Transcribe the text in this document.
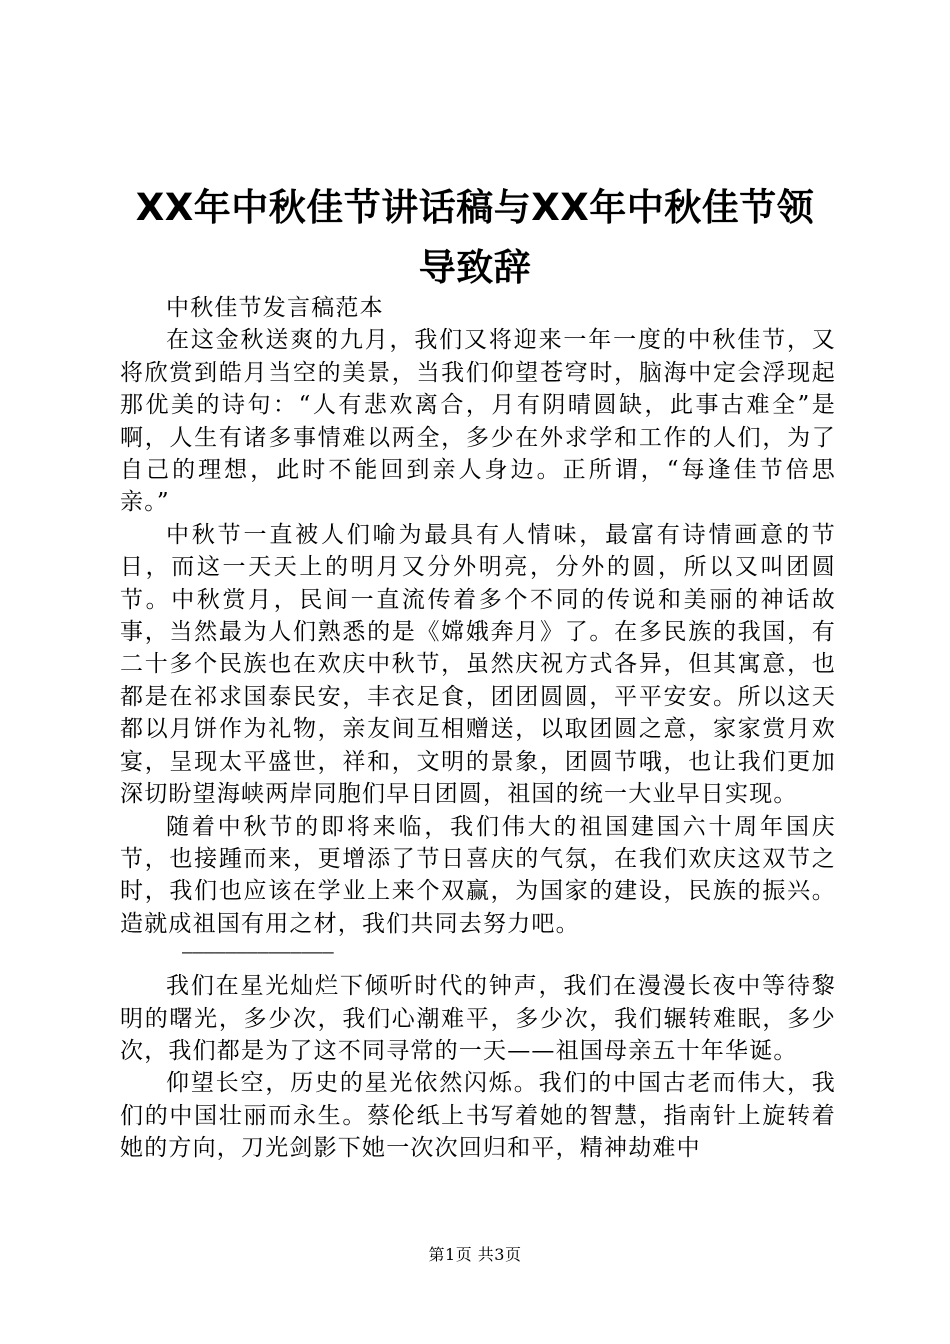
XX年中秋佳节讲话稿与XX年中秋佳节领导致辞

中秋佳节发言稿范本

在这金秋送爽的九月，我们又将迎来一年一度的中秋佳节，又将欣赏到皓月当空的美景，当我们仰望苍穹时，脑海中定会浮现起那优美的诗句：“人有悲欢离合，月有阴晴圆缺，此事古难全”是啊，人生有诸多事情难以两全，多少在外求学和工作的人们，为了自己的理想，此时不能回到亲人身边。正所谓，“每逢佳节倍思亲。”

中秋节一直被人们喻为最具有人情味，最富有诗情画意的节日，而这一天天上的明月又分外明亮，分外的圆，所以又叫团圆节。中秋赏月，民间一直流传着多个不同的传说和美丽的神话故事，当然最为人们熟悉的是《嫦娥奔月》了。在多民族的我国，有二十多个民族也在欢庆中秋节，虽然庆祝方式各异，但其寓意，也都是在祁求国泰民安，丰衣足食，团团圆圆，平平安安。所以这天都以月饼作为礼物，亲友间互相赠送，以取团圆之意，家家赏月欢宴，呈现太平盛世，祥和，文明的景象，团圆节哦，也让我们更加深切盼望海峡两岸同胞们早日团圆，祖国的统一大业早日实现。

随着中秋节的即将来临，我们伟大的祖国建国六十周年国庆节，也接踵而来，更增添了节日喜庆的气氛，在我们欢庆这双节之时，我们也应该在学业上来个双赢，为国家的建设，民族的振兴。造就成祖国有用之材，我们共同去努力吧。

——————————————

我们在星光灿烂下倾听时代的钟声，我们在漫漫长夜中等待黎明的曙光，多少次，我们心潮难平，多少次，我们辗转难眠，多少次，我们都是为了这不同寻常的一天——祖国母亲五十年华诞。

仰望长空，历史的星光依然闪烁。我们的中国古老而伟大，我们的中国壮丽而永生。蔡伦纸上书写着她的智慧，指南针上旋转着她的方向，刀光剑影下她一次次回归和平，精神劫难中

第1页 共3页
